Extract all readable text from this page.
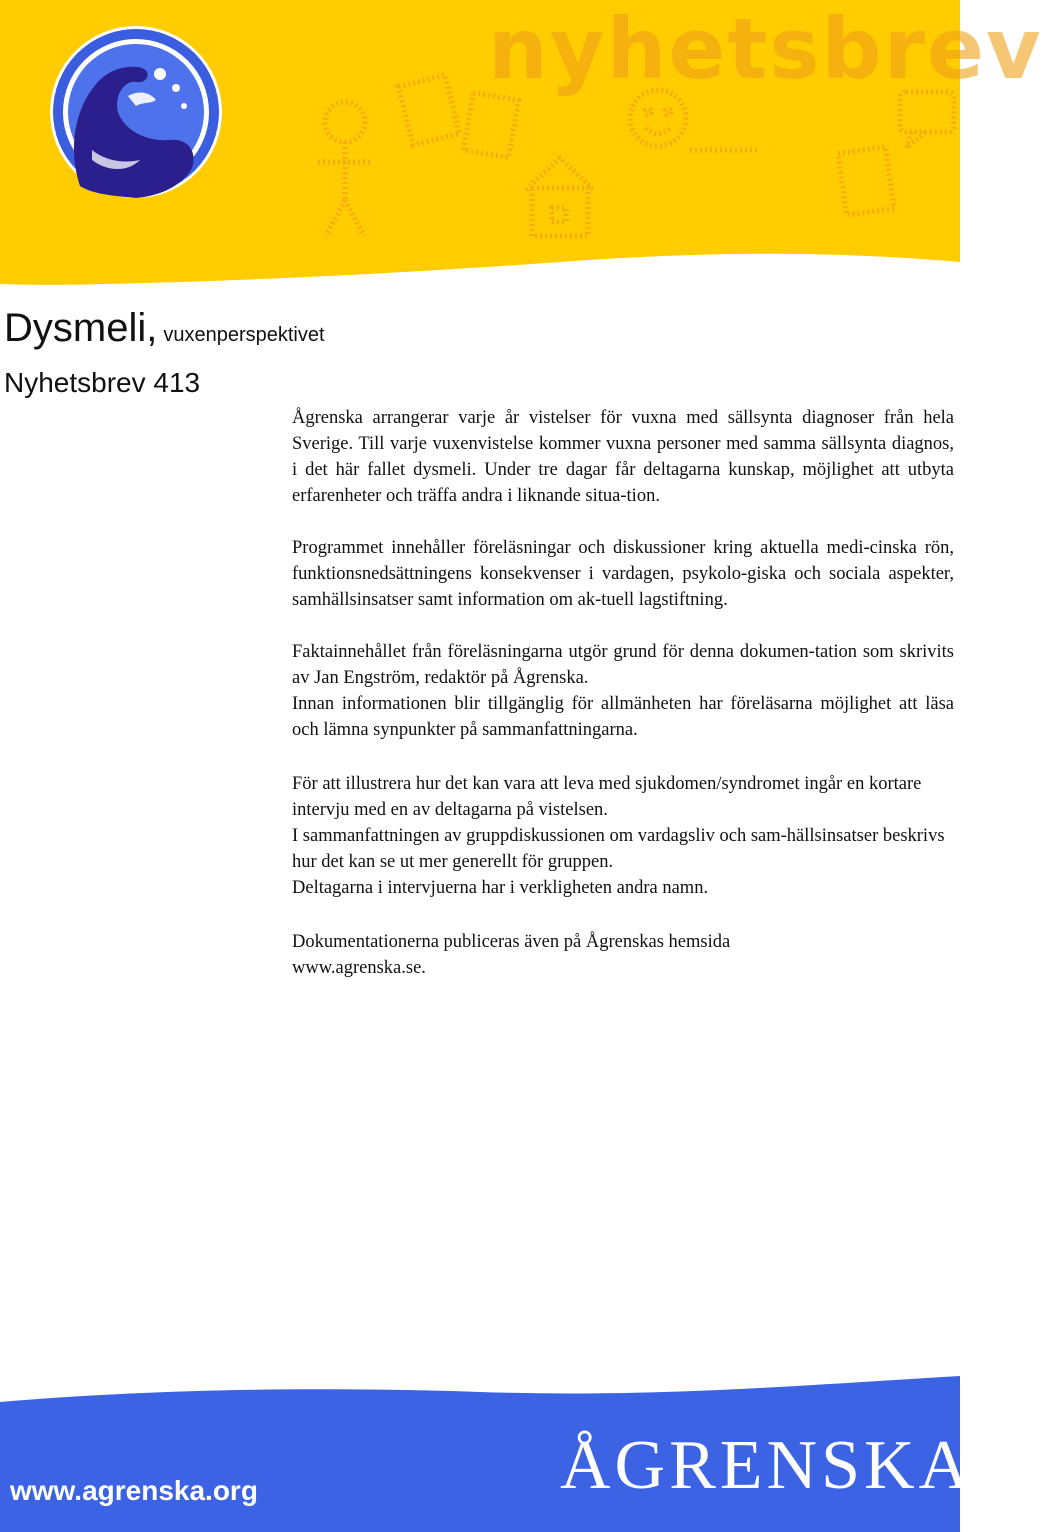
nyhetsbrev
Dysmeli, vuxenperspektivet
Nyhetsbrev 413

Ågrenska arrangerar varje år vistelser för vuxna med sällsynta diagnoser från hela Sverige. Till varje vuxenvistelse kommer vuxna personer med samma sällsynta diagnos, i det här fallet dysmeli. Under tre dagar får deltagarna kunskap, möjlighet att utbyta erfarenheter och träffa andra i liknande situa-tion.

Programmet innehåller föreläsningar och diskussioner kring aktuella medi-cinska rön, funktionsnedsättningens konsekvenser i vardagen, psykolo-giska och sociala aspekter, samhällsinsatser samt information om ak-tuell lagstiftning.

Faktainnehållet från föreläsningarna utgör grund för denna dokumen-tation som skrivits av Jan Engström, redaktör på Ågrenska.
Innan informationen blir tillgänglig för allmänheten har föreläsarna möjlighet att läsa och lämna synpunkter på sammanfattningarna.

För att illustrera hur det kan vara att leva med sjukdomen/syndromet ingår en kortare intervju med en av deltagarna på vistelsen.
I sammanfattningen av gruppdiskussionen om vardagsliv och sam-hällsinsatser beskrivs hur det kan se ut mer generellt för gruppen.
Deltagarna i intervjuerna har i verkligheten andra namn.

Dokumentationerna publiceras även på Ågrenskas hemsida
www.agrenska.se.

www.agrenska.org	ÅGRENSKA
